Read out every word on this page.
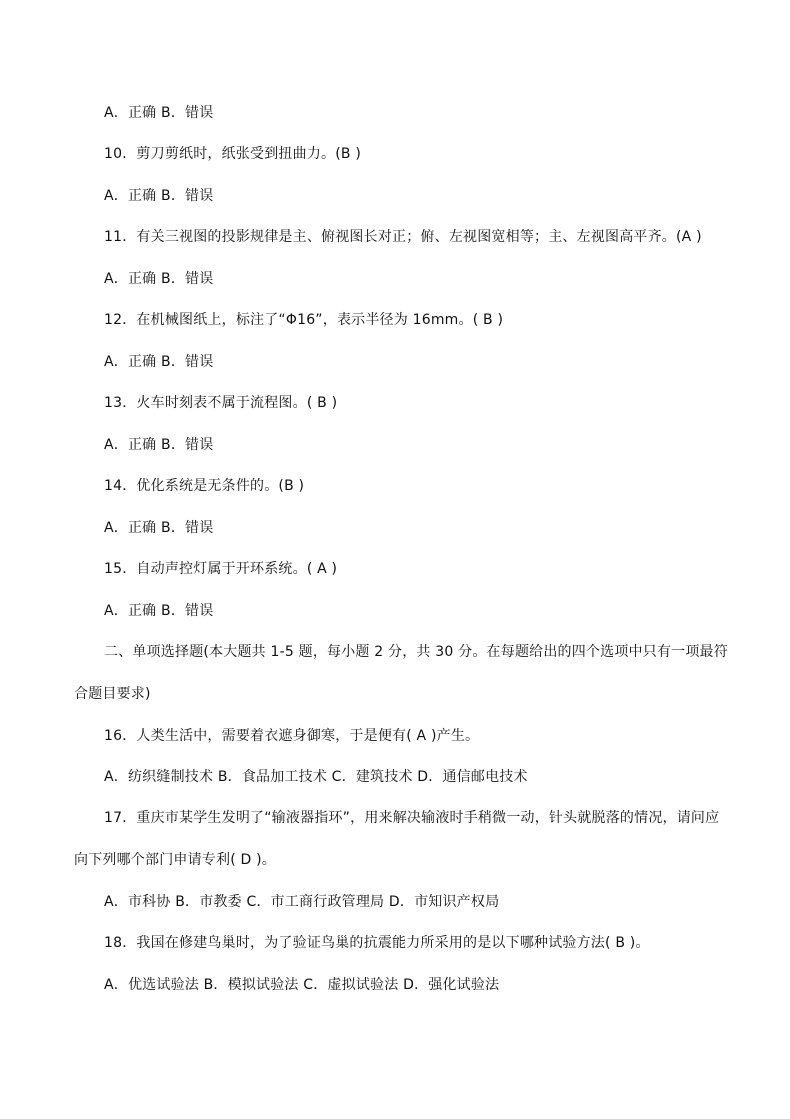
A．正确 B．错误
10．剪刀剪纸时，纸张受到扭曲力。(B )
A．正确 B．错误
11．有关三视图的投影规律是主、俯视图长对正；俯、左视图宽相等；主、左视图高平齐。(A )
A．正确 B．错误
12．在机械图纸上，标注了“Φ16”，表示半径为 16mm。( B )
A．正确 B．错误
13．火车时刻表不属于流程图。( B )
A．正确 B．错误
14．优化系统是无条件的。(B )
A．正确 B．错误
15．自动声控灯属于开环系统。( A )
A．正确 B．错误
二、单项选择题(本大题共 1-5 题，每小题 2 分，共 30 分。在每题给出的四个选项中只有一项最符
合题目要求)
16．人类生活中，需要着衣遮身御寒，于是便有( A )产生。
A．纺织缝制技术 B．食品加工技术 C．建筑技术 D．通信邮电技术
17．重庆市某学生发明了“输液器指环”，用来解决输液时手稍微一动，针头就脱落的情况，请问应
向下列哪个部门申请专利( D )。
A．市科协 B．市教委 C．市工商行政管理局 D．市知识产权局
18．我国在修建鸟巢时，为了验证鸟巢的抗震能力所采用的是以下哪种试验方法( B )。
A．优选试验法 B．模拟试验法 C．虚拟试验法 D．强化试验法
